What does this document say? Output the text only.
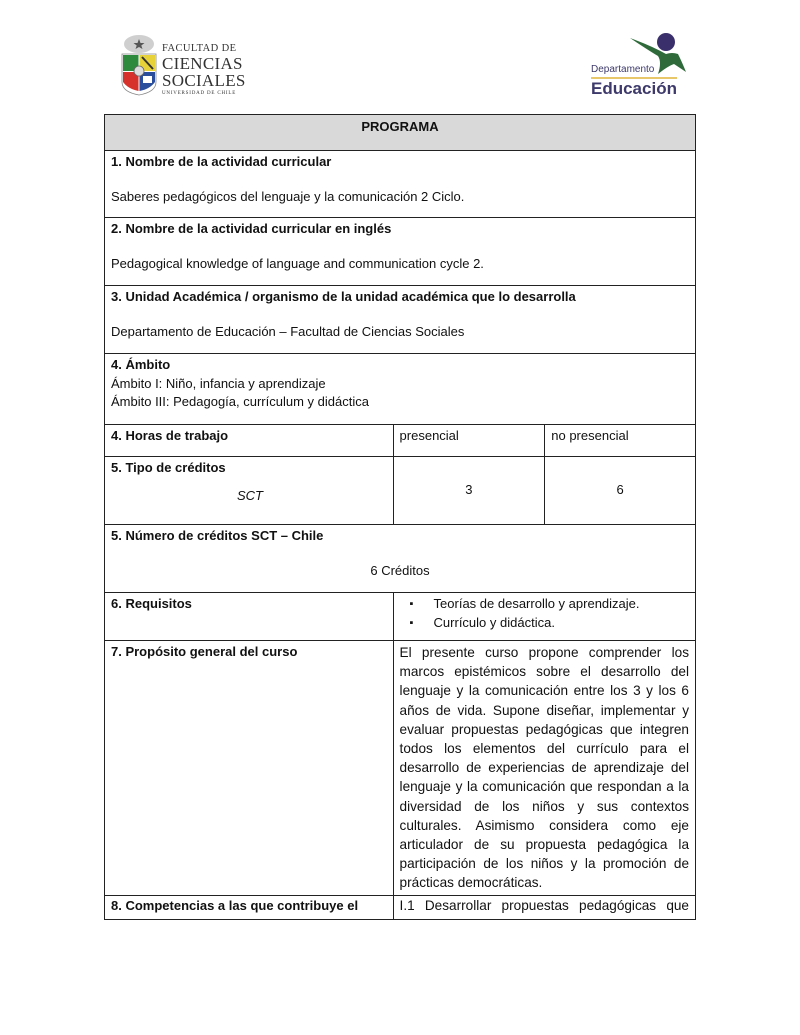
FACULTAD DE
CIENCIAS
SOCIALES
UNIVERSIDAD DE CHILE
Departamento
Educación
PROGRAMA		

1. Nombre de la actividad curricular
Saberes pedagógicos del lenguaje y la comunicación 2 Ciclo.		

2. Nombre de la actividad curricular en inglés
Pedagogical knowledge of language and communication cycle 2.		

3. Unidad Académica / organismo de la unidad académica que lo desarrolla
Departamento de Educación – Facultad de Ciencias Sociales		

4. Ámbito
Ámbito I: Niño, infancia y aprendizaje
Ámbito III: Pedagogía, currículum y didáctica		

4. Horas de trabajo	presencial	no presencial

5. Tipo de créditos
SCT	3	6

5. Número de créditos SCT – Chile
6 Créditos		

6. Requisitos	
▪Teorías de desarrollo y aprendizaje.
▪ Currículo y didáctica.

7. Propósito general del curso	El presente curso propone comprender los marcos epistémicos sobre el desarrollo del lenguaje y la comunicación entre los 3 y los 6 años de vida. Supone diseñar, implementar y evaluar propuestas pedagógicas que integren todos los elementos del currículo para el desarrollo de experiencias de aprendizaje del lenguaje y la comunicación que respondan a la diversidad de los niños y sus contextos culturales. Asimismo considera como eje articulador de su propuesta pedagógica la participación de los niños y la promoción de prácticas democráticas.	
8. Competencias a las que contribuye el	I.1 Desarrollar propuestas pedagógicas que	
